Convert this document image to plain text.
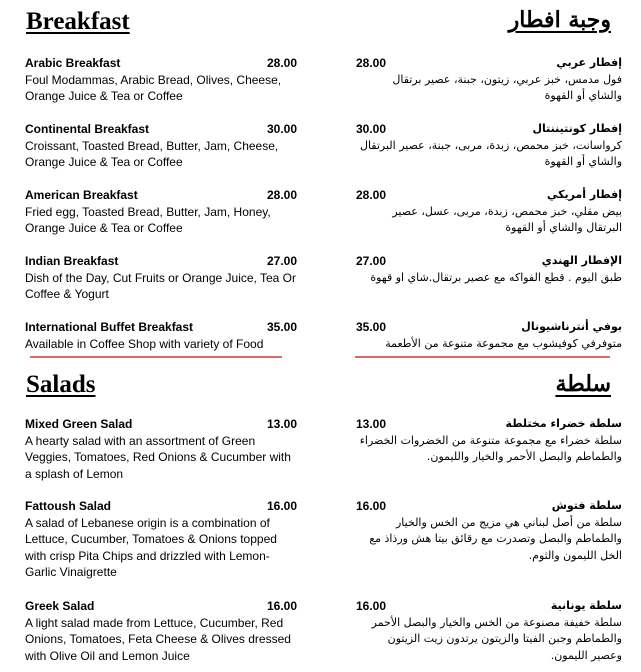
Breakfast	وجبة افطار
Arabic Breakfast	28.00
Foul Modammas, Arabic Bread, Olives, Cheese, Orange Juice & Tea or Coffee
Continental Breakfast	30.00
Croissant, Toasted Bread, Butter, Jam, Cheese, Orange Juice & Tea or Coffee
American Breakfast	28.00
Fried egg, Toasted Bread, Butter, Jam, Honey, Orange Juice & Tea or Coffee
Indian Breakfast	27.00
Dish of the Day, Cut Fruits or Orange Juice, Tea Or Coffee & Yogurt
International Buffet Breakfast	35.00
Available in Coffee Shop with variety of Food
28.00	إفطار عربي
فول مدمس، خبز عربي، زيتون، جبنة، عصير برتقال والشاي أو القهوة
30.00	إفطار كونتيننتال
كرواسانت، خبز محمص، زبدة، مربى، جبنة، عصير البرتقال والشاي أو القهوة
28.00	إفطار أمريكي
بيض مقلي، خبز محمص، زبدة، مربى، عسل، عصير البرتقال والشاي أو القهوة
27.00	الإفطار الهندي
طبق اليوم . قطع الفواكه مع عصير برتقال.شاي او قهوة
35.00	بوفي أنترناشيونال
متوفرفي كوفيشوب مع مجموعة متنوعة من الأطعمة
Salads	سلطة
Mixed Green Salad	13.00
A hearty salad with an assortment of Green Veggies, Tomatoes, Red Onions & Cucumber with a splash of Lemon
Fattoush Salad	16.00
A salad of Lebanese origin is a combination of Lettuce, Cucumber, Tomatoes & Onions topped with crisp Pita Chips and drizzled with Lemon-Garlic Vinaigrette
Greek Salad	16.00
A light salad made from Lettuce, Cucumber, Red Onions, Tomatoes, Feta Cheese & Olives dressed with Olive Oil and Lemon Juice
13.00	سلطة خضراء مختلطة
سلطة خضراء مع مجموعة متنوعة من الخضروات الخضراء والطماطم والبصل الأحمر والخيار والليمون.
16.00	سلطة فتوش
سلطة من أصل لبناني هي مزيج من الخس والخيار والطماطم والبصل وتصدرت مع رقائق بيتا هش ورذاذ مع الخل الليمون والثوم.
16.00	سلطة يونانية
سلطة خفيفة مصنوعة من الخس والخيار والبصل الأحمر والطماطم وجبن الفيتا والزيتون يرتدون زيت الزيتون وعصير الليمون.
